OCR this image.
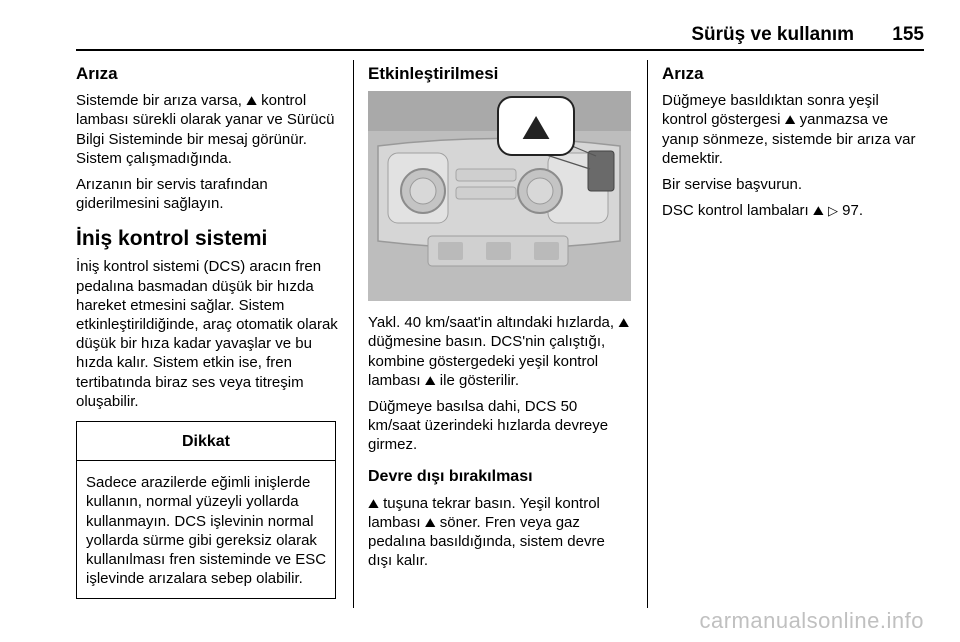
Sürüş ve kullanım 155
Arıza

Sistemde bir arıza varsa, ⛰ kontrol lambası sürekli olarak yanar ve Sürücü Bilgi Sisteminde bir mesaj görünür. Sistem çalışmadığında.

Arızanın bir servis tarafından giderilmesini sağlayın.

İniş kontrol sistemi

İniş kontrol sistemi (DCS) aracın fren pedalına basmadan düşük bir hızda hareket etmesini sağlar. Sistem etkinleştirildiğinde, araç otomatik olarak düşük bir hıza kadar yavaşlar ve bu hızda kalır. Sistem etkin ise, fren tertibatında biraz ses veya titreşim oluşabilir.

Dikkat
Sadece arazilerde eğimli inişlerde kullanın, normal yüzeyli yollarda kullanmayın. DCS işlevinin normal yollarda sürme gibi gereksiz olarak kullanılması fren sisteminde ve ESC işlevinde arızalara sebep olabilir.
Etkinleştirilmesi
⛰

Yakl. 40 km/saat'in altındaki hızlarda, ⛰ düğmesine basın. DCS'nin çalıştığı, kombine göstergedeki yeşil kontrol lambası ⛰ ile gösterilir.

Düğmeye basılsa dahi, DCS 50 km/saat üzerindeki hızlarda devreye girmez.

Devre dışı bırakılması

⛰ tuşuna tekrar basın. Yeşil kontrol lambası ⛰ söner. Fren veya gaz pedalına basıldığında, sistem devre dışı kalır.

Arıza

Düğmeye basıldıktan sonra yeşil kontrol göstergesi ⛰ yanmazsa ve yanıp sönmeze, sistemde bir arıza var demektir.

Bir servise başvurun.

DSC kontrol lambaları ⛰ ▷ 97.

carmanualsonline.info
